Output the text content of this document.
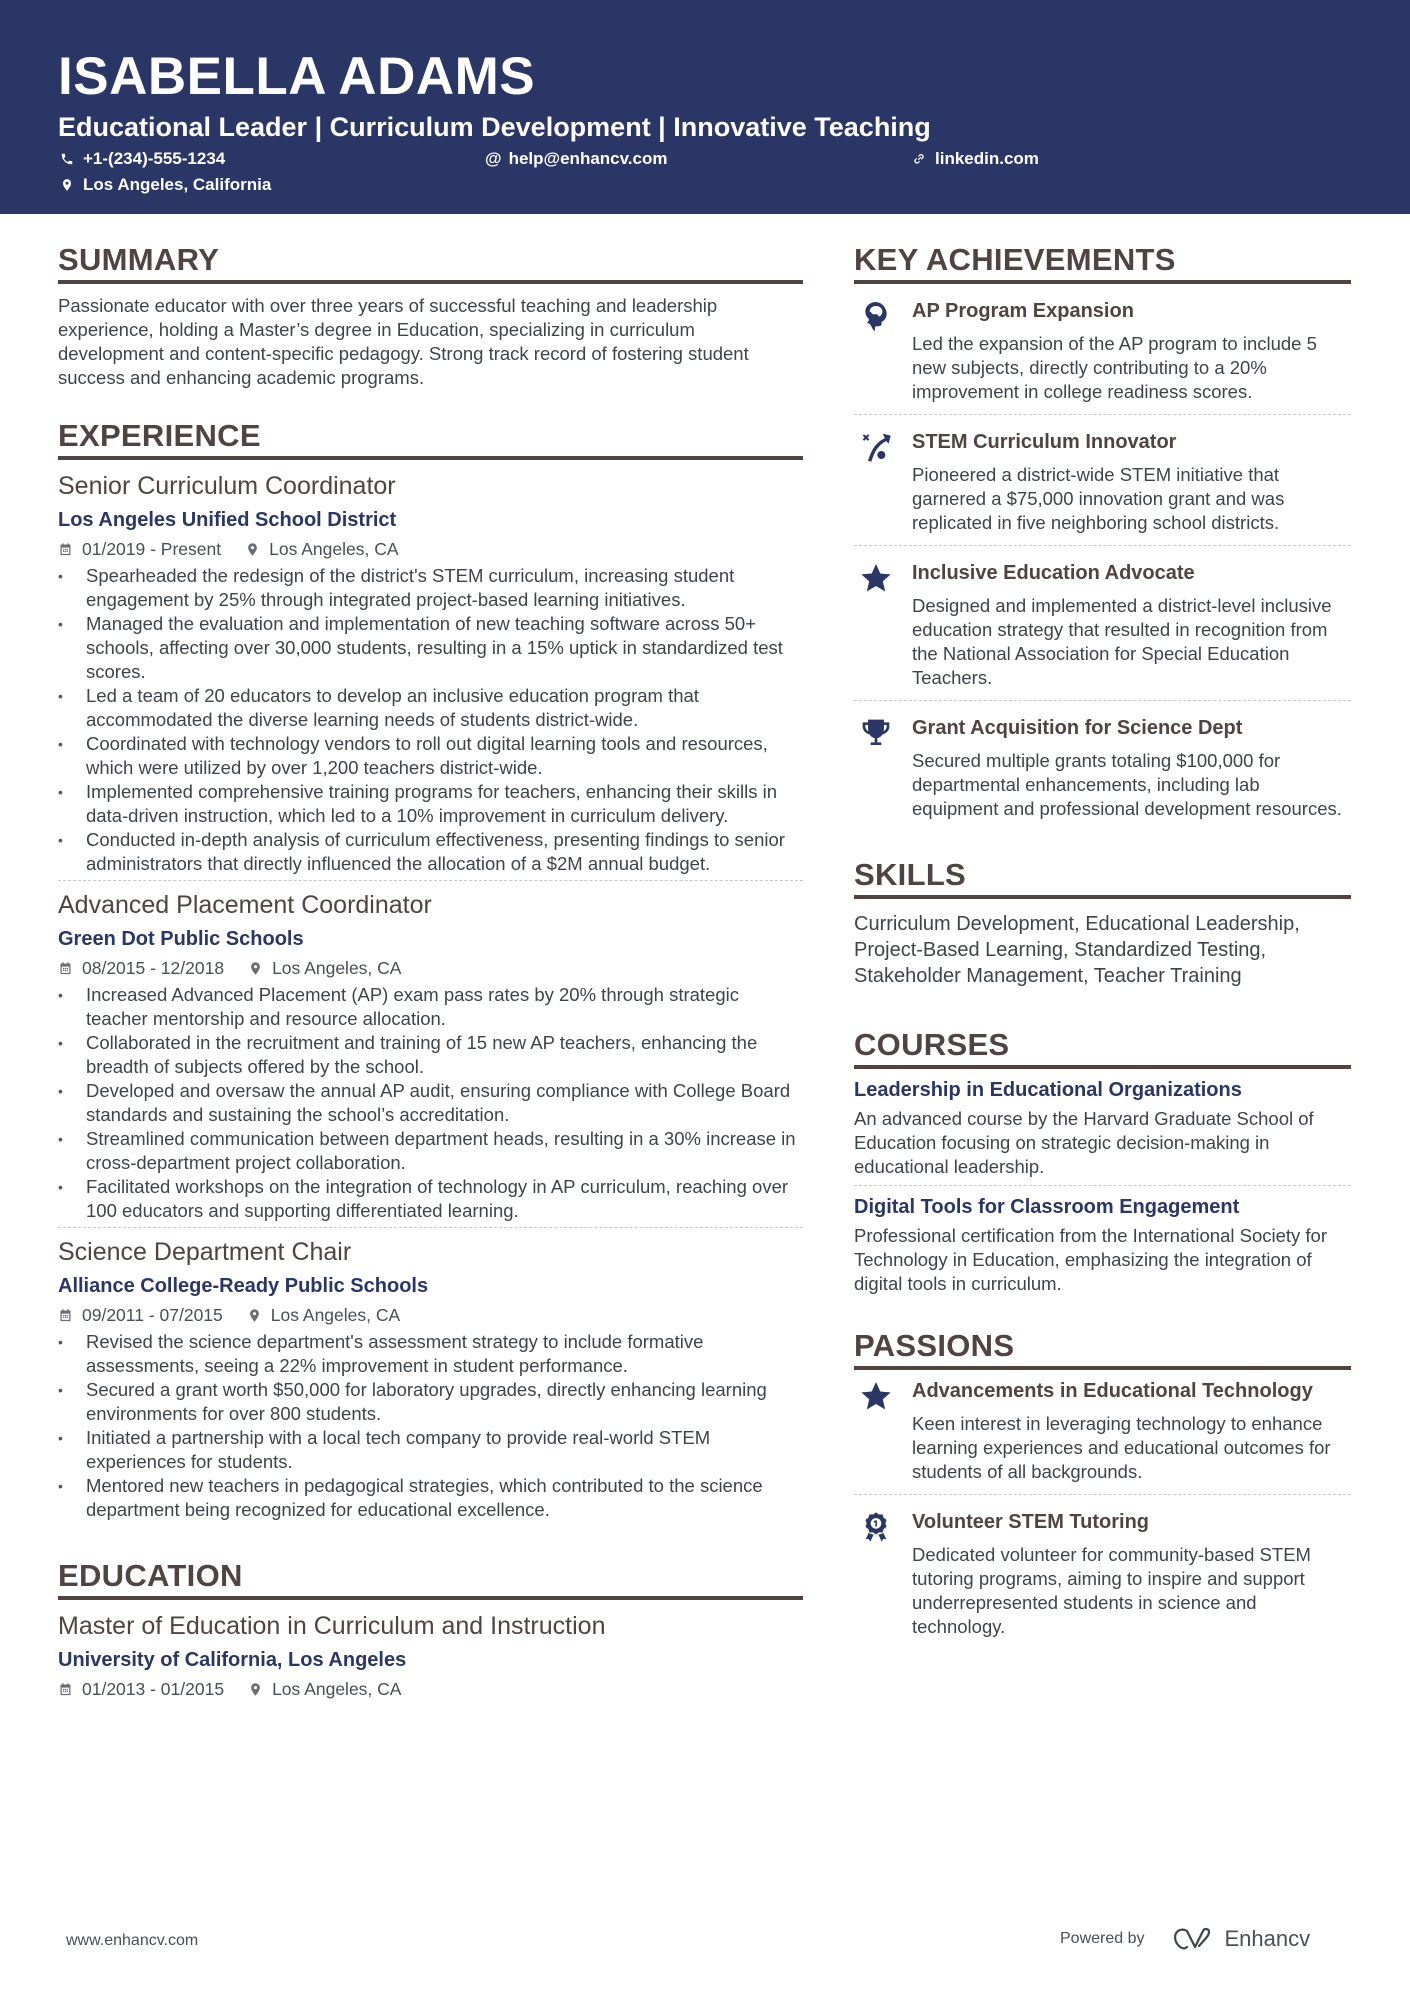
ISABELLA ADAMS
Educational Leader | Curriculum Development | Innovative Teaching
+1-(234)-555-1234	@ help@enhancv.com	linkedin.com
Los Angeles, California
SUMMARY
Passionate educator with over three years of successful teaching and leadership experience, holding a Master’s degree in Education, specializing in curriculum development and content-specific pedagogy. Strong track record of fostering student success and enhancing academic programs.
EXPERIENCE
Senior Curriculum Coordinator
Los Angeles Unified School District
01/2019 - Present	Los Angeles, CA
• Spearheaded the redesign of the district's STEM curriculum, increasing student engagement by 25% through integrated project-based learning initiatives.
• Managed the evaluation and implementation of new teaching software across 50+ schools, affecting over 30,000 students, resulting in a 15% uptick in standardized test scores.
• Led a team of 20 educators to develop an inclusive education program that accommodated the diverse learning needs of students district-wide.
• Coordinated with technology vendors to roll out digital learning tools and resources, which were utilized by over 1,200 teachers district-wide.
• Implemented comprehensive training programs for teachers, enhancing their skills in data-driven instruction, which led to a 10% improvement in curriculum delivery.
• Conducted in-depth analysis of curriculum effectiveness, presenting findings to senior administrators that directly influenced the allocation of a $2M annual budget.
Advanced Placement Coordinator
Green Dot Public Schools
08/2015 - 12/2018	Los Angeles, CA
• Increased Advanced Placement (AP) exam pass rates by 20% through strategic teacher mentorship and resource allocation.
• Collaborated in the recruitment and training of 15 new AP teachers, enhancing the breadth of subjects offered by the school.
• Developed and oversaw the annual AP audit, ensuring compliance with College Board standards and sustaining the school’s accreditation.
• Streamlined communication between department heads, resulting in a 30% increase in cross-department project collaboration.
• Facilitated workshops on the integration of technology in AP curriculum, reaching over 100 educators and supporting differentiated learning.
Science Department Chair
Alliance College-Ready Public Schools
09/2011 - 07/2015	Los Angeles, CA
• Revised the science department's assessment strategy to include formative assessments, seeing a 22% improvement in student performance.
• Secured a grant worth $50,000 for laboratory upgrades, directly enhancing learning environments for over 800 students.
• Initiated a partnership with a local tech company to provide real-world STEM experiences for students.
• Mentored new teachers in pedagogical strategies, which contributed to the science department being recognized for educational excellence.
EDUCATION
Master of Education in Curriculum and Instruction
University of California, Los Angeles
01/2013 - 01/2015	Los Angeles, CA
KEY ACHIEVEMENTS
AP Program Expansion
Led the expansion of the AP program to include 5 new subjects, directly contributing to a 20% improvement in college readiness scores.
STEM Curriculum Innovator
Pioneered a district-wide STEM initiative that garnered a $75,000 innovation grant and was replicated in five neighboring school districts.
Inclusive Education Advocate
Designed and implemented a district-level inclusive education strategy that resulted in recognition from the National Association for Special Education Teachers.
Grant Acquisition for Science Dept
Secured multiple grants totaling $100,000 for departmental enhancements, including lab equipment and professional development resources.
SKILLS
Curriculum Development, Educational Leadership, Project-Based Learning, Standardized Testing, Stakeholder Management, Teacher Training
COURSES
Leadership in Educational Organizations
An advanced course by the Harvard Graduate School of Education focusing on strategic decision-making in educational leadership.
Digital Tools for Classroom Engagement
Professional certification from the International Society for Technology in Education, emphasizing the integration of digital tools in curriculum.
PASSIONS
Advancements in Educational Technology
Keen interest in leveraging technology to enhance learning experiences and educational outcomes for students of all backgrounds.
Volunteer STEM Tutoring
Dedicated volunteer for community-based STEM tutoring programs, aiming to inspire and support underrepresented students in science and technology.
www.enhancv.com	Powered by	Enhancv
